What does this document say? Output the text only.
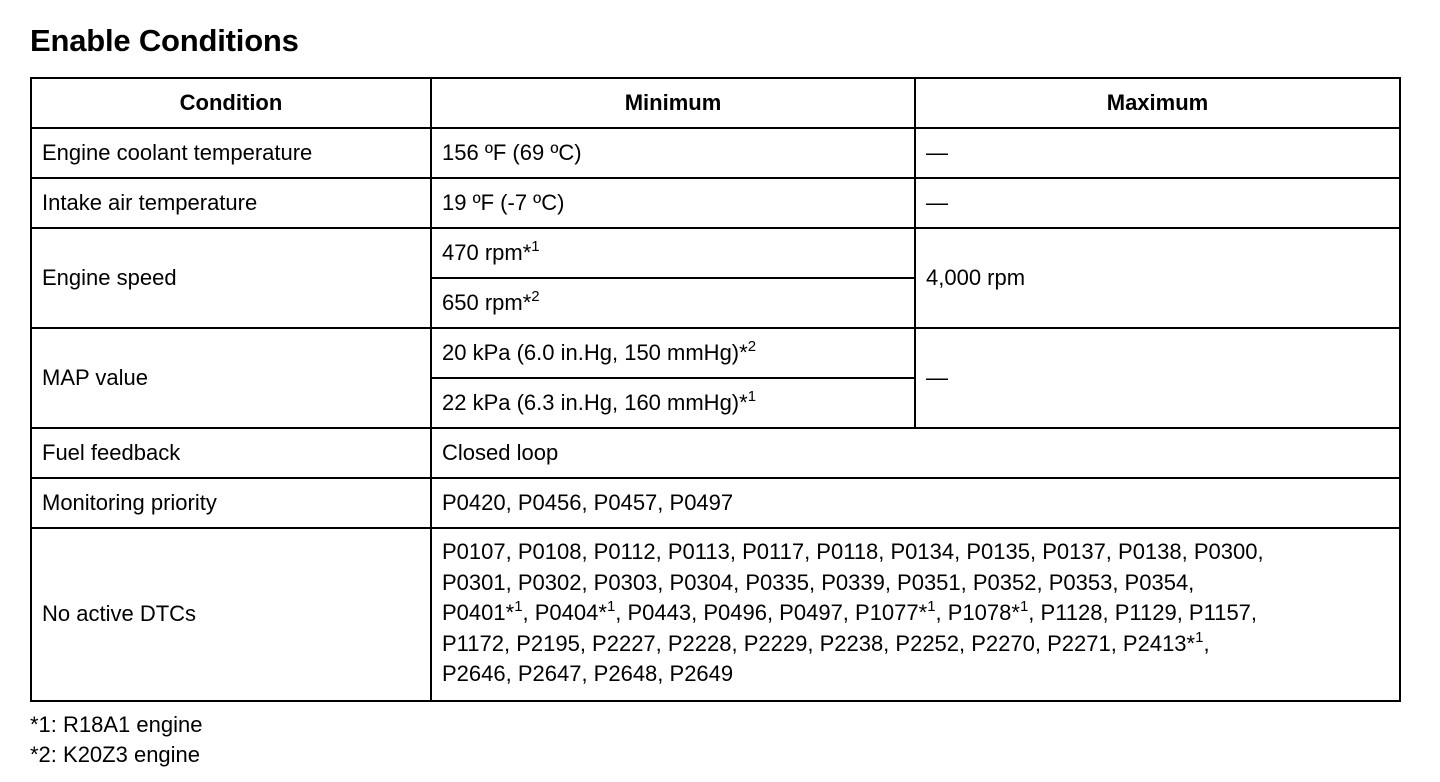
Enable Conditions
Condition	Minimum	Maximum
Engine coolant temperature	156 ºF (69 ºC)	—
Intake air temperature	19 ºF (-7 ºC)	—
Engine speed	470 rpm*$^1$	4,000 rpm
	650 rpm*$^2$
MAP value	20 kPa (6.0 in.Hg, 150 mmHg)*$^2$	—
	22 kPa (6.3 in.Hg, 160 mmHg)*$^1$
Fuel feedback	Closed loop	
Monitoring priority	P0420, P0456, P0457, P0497	
No active DTCs	P0107, P0108, P0112, P0113, P0117, P0118, P0134, P0135, P0137, P0138, P0300,
P0301, P0302, P0303, P0304, P0335, P0339, P0351, P0352, P0353, P0354,
P0401*$^1$, P0404*$^1$, P0443, P0496, P0497, P1077*$^1$, P1078*$^1$, P1128, P1129, P1157,
P1172, P2195, P2227, P2228, P2229, P2238, P2252, P2270, P2271, P2413*$^1$,
P2646, P2647, P2648, P2649	
*1: R18A1 engine
*2: K20Z3 engine
